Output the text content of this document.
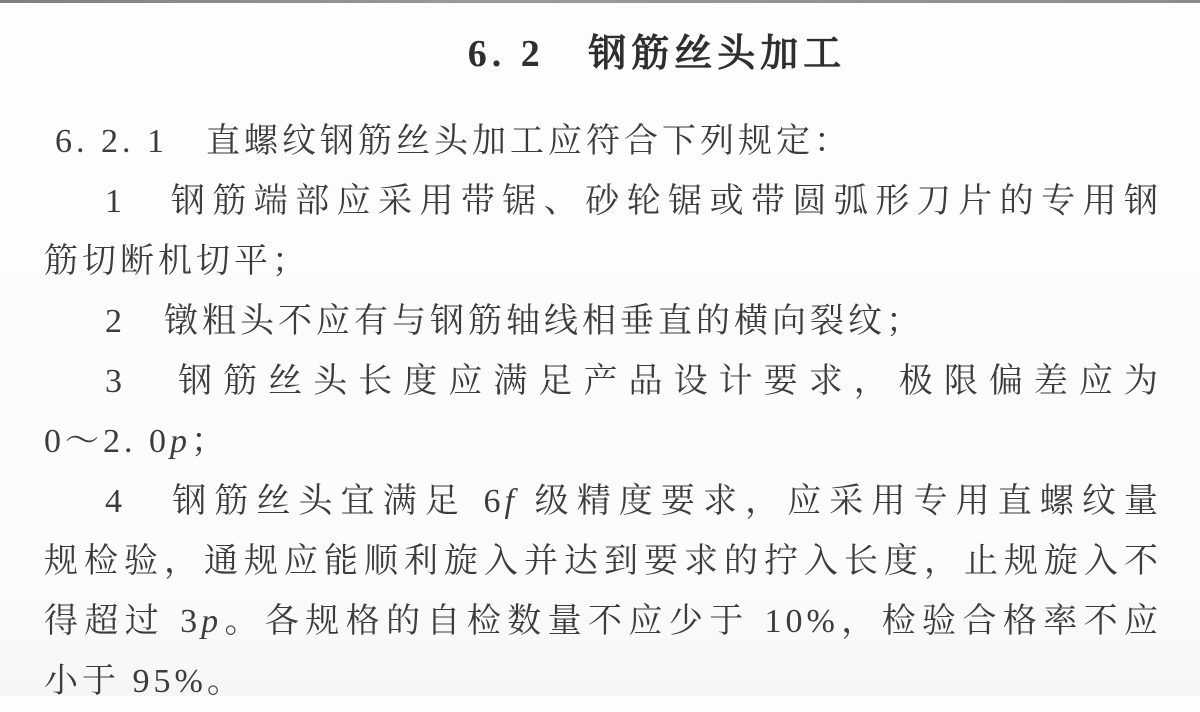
6. 2   钢筋丝头加工
6. 2. 1　直螺纹钢筋丝头加工应符合下列规定：
1　钢筋端部应采用带锯、砂轮锯或带圆弧形刀片的专用钢
筋切断机切平；
2　镦粗头不应有与钢筋轴线相垂直的横向裂纹；
3　钢筋丝头长度应满足产品设计要求，极限偏差应为
0～2. 0p；
4　钢筋丝头宜满足 6f 级精度要求，应采用专用直螺纹量
规检验，通规应能顺利旋入并达到要求的拧入长度，止规旋入不
得超过 3p。各规格的自检数量不应少于 10%，检验合格率不应
小于 95%。
